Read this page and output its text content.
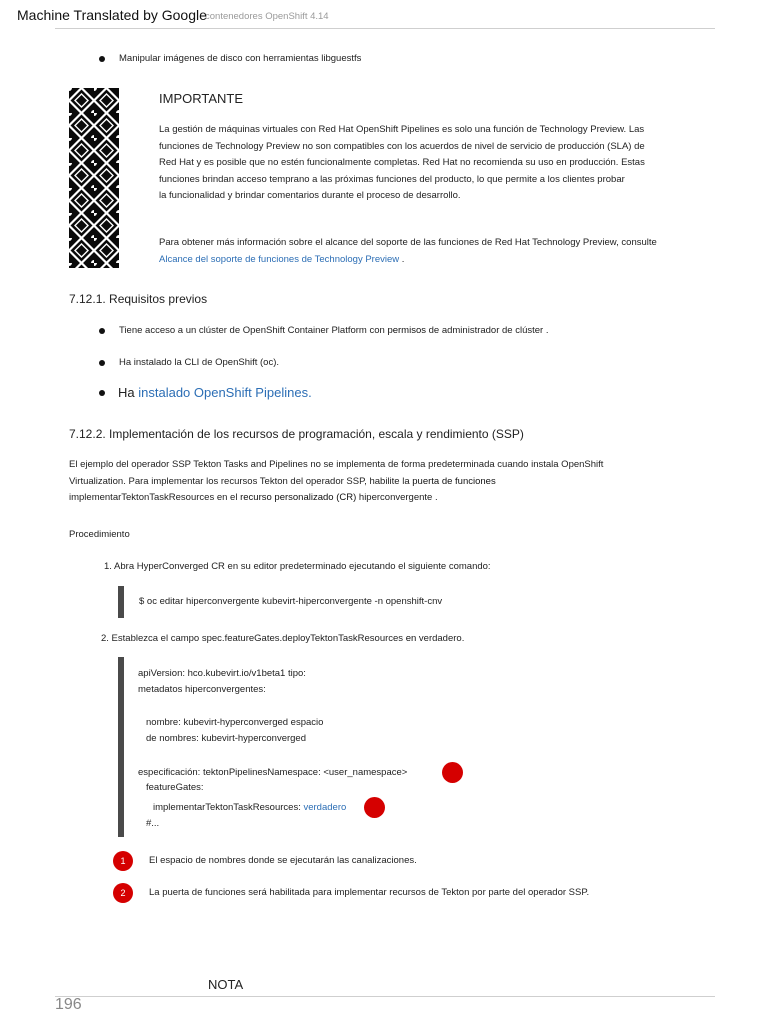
contenedores OpenShift 4.14
Machine Translated by Google
Manipular imágenes de disco con herramientas libguestfs
IMPORTANTE
La gestión de máquinas virtuales con Red Hat OpenShift Pipelines es solo una función de Technology Preview. Las
funciones de Technology Preview no son compatibles con los acuerdos de nivel de servicio de producción (SLA) de
Red Hat y es posible que no estén funcionalmente completas. Red Hat no recomienda su uso en producción. Estas
funciones brindan acceso temprano a las próximas funciones del producto, lo que permite a los clientes probar
la funcionalidad y brindar comentarios durante el proceso de desarrollo.
Para obtener más información sobre el alcance del soporte de las funciones de Red Hat Technology Preview, consulte
Alcance del soporte de funciones de Technology Preview .
7.12.1. Requisitos previos
Tiene acceso a un clúster de OpenShift Container Platform con permisos de administrador de clúster .
Ha instalado la CLI de OpenShift (oc).
Ha instalado OpenShift Pipelines.
7.12.2. Implementación de los recursos de programación, escala y rendimiento (SSP)
El ejemplo del operador SSP Tekton Tasks and Pipelines no se implementa de forma predeterminada cuando instala OpenShift
Virtualization. Para implementar los recursos Tekton del operador SSP, habilite la puerta de funciones
implementarTektonTaskResources en el recurso personalizado (CR) hiperconvergente .
Procedimiento
1. Abra HyperConverged CR en su editor predeterminado ejecutando el siguiente comando:
$ oc editar hiperconvergente kubevirt-hiperconvergente -n openshift-cnv
2. Establezca el campo spec.featureGates.deployTektonTaskResources en verdadero.
apiVersion: hco.kubevirt.io/v1beta1 tipo:
metadatos hiperconvergentes:
nombre: kubevirt-hyperconverged espacio
de nombres: kubevirt-hyperconverged
especificación: tektonPipelinesNamespace: <user_namespace>
featureGates:
implementarTektonTaskResources: verdadero
#...
1	El espacio de nombres donde se ejecutarán las canalizaciones.
2	La puerta de funciones será habilitada para implementar recursos de Tekton por parte del operador SSP.
NOTA
196
